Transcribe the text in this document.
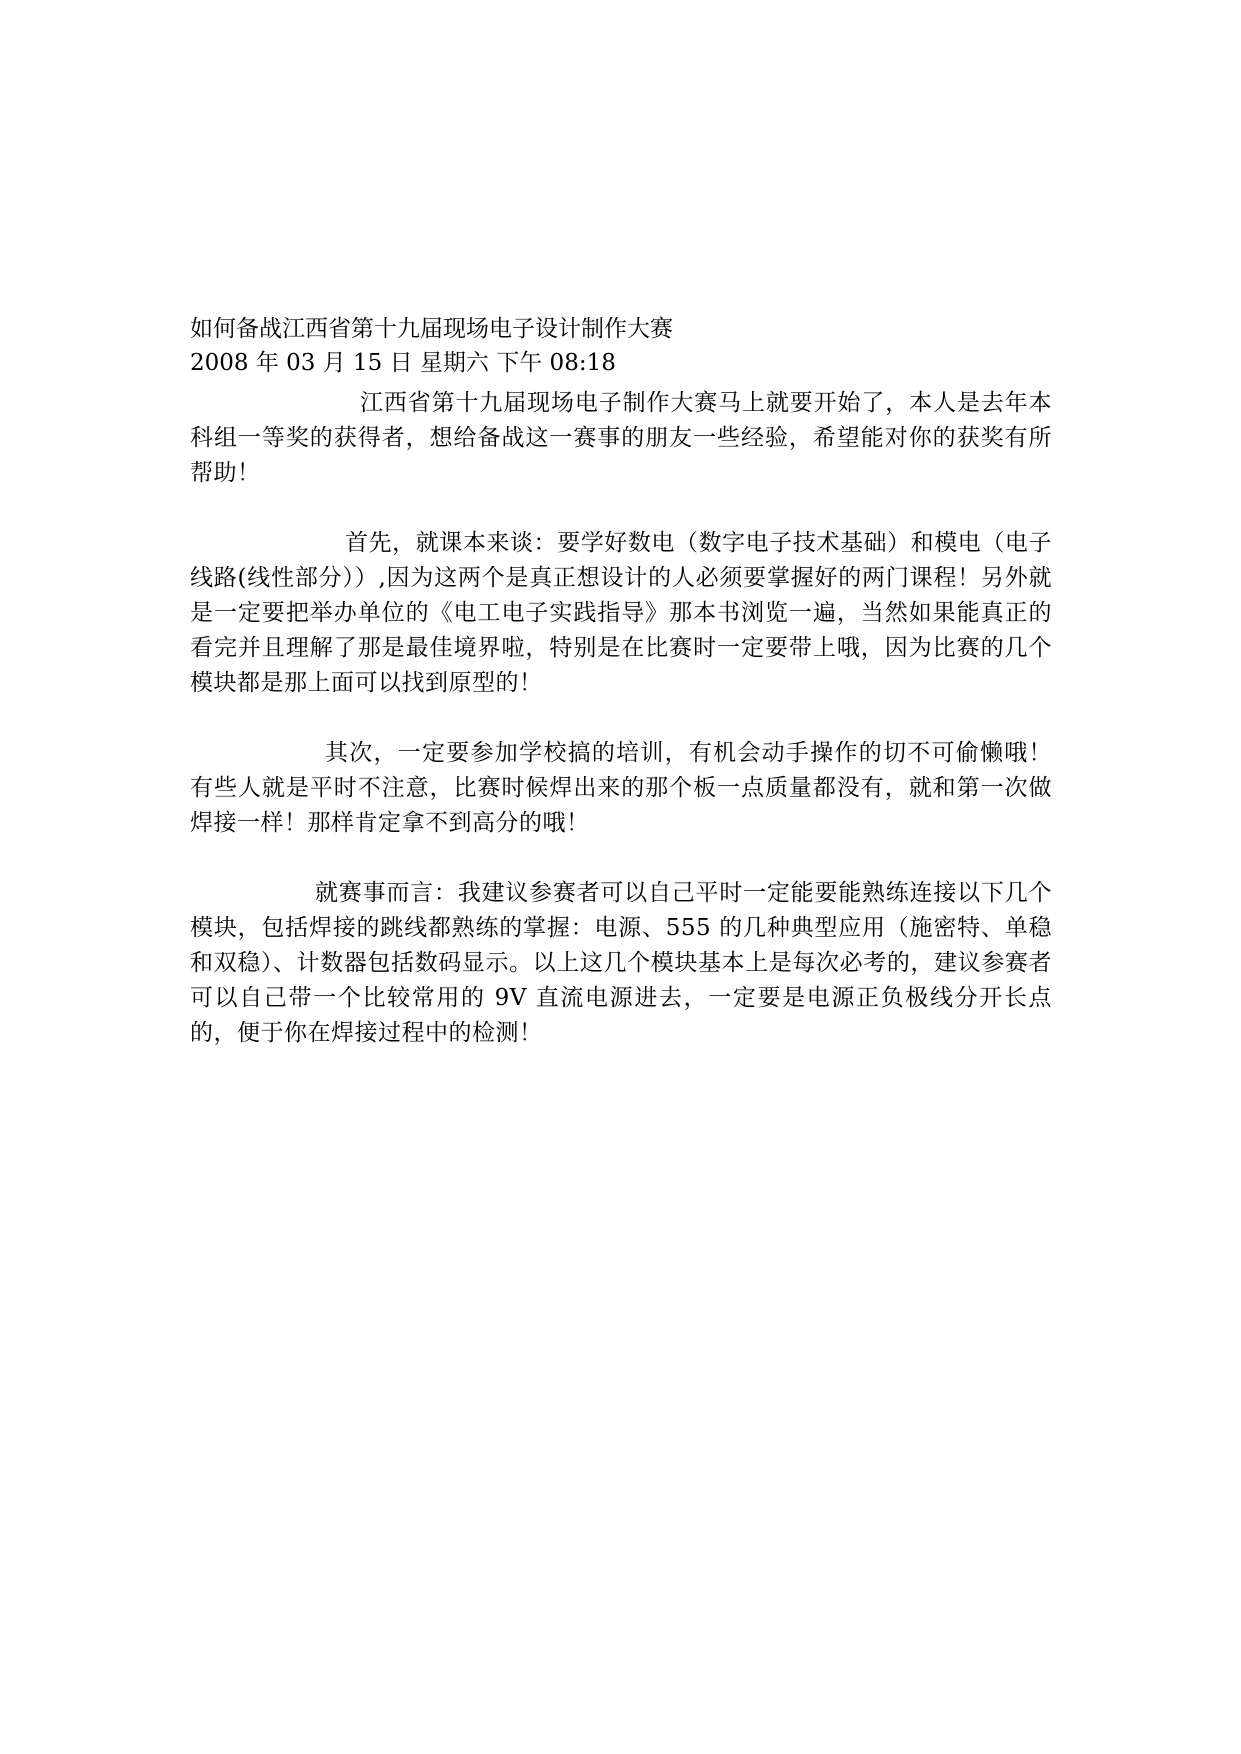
如何备战江西省第十九届现场电子设计制作大赛

2008 年 03 月 15 日 星期六 下午 08:18

江西省第十九届现场电子制作大赛马上就要开始了，本人是去年本科组一等奖的获得者，想给备战这一赛事的朋友一些经验，希望能对你的获奖有所帮助！

首先，就课本来谈：要学好数电（数字电子技术基础）和模电（电子线路(线性部分））,因为这两个是真正想设计的人必须要掌握好的两门课程！另外就是一定要把举办单位的《电工电子实践指导》那本书浏览一遍，当然如果能真正的看完并且理解了那是最佳境界啦，特别是在比赛时一定要带上哦，因为比赛的几个模块都是那上面可以找到原型的！

其次，一定要参加学校搞的培训，有机会动手操作的切不可偷懒哦！有些人就是平时不注意，比赛时候焊出来的那个板一点质量都没有，就和第一次做焊接一样！那样肯定拿不到高分的哦！

就赛事而言：我建议参赛者可以自己平时一定能要能熟练连接以下几个模块，包括焊接的跳线都熟练的掌握：电源、555 的几种典型应用（施密特、单稳和双稳）、计数器包括数码显示。以上这几个模块基本上是每次必考的，建议参赛者可以自己带一个比较常用的 9V 直流电源进去，一定要是电源正负极线分开长点的，便于你在焊接过程中的检测！
